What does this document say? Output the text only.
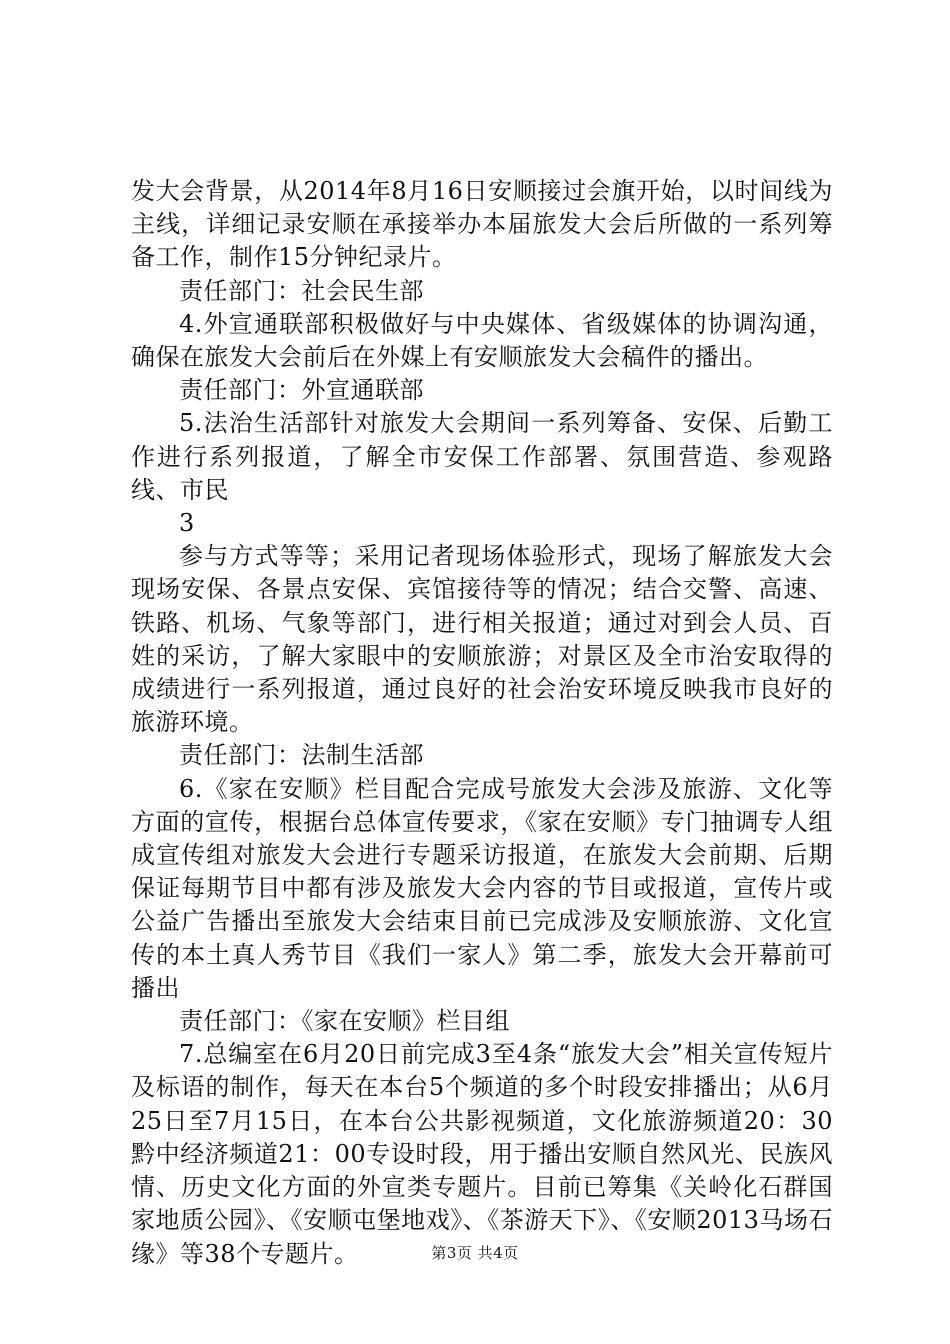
发大会背景，从2014年8月16日安顺接过会旗开始，以时间线为主线，详细记录安顺在承接举办本届旅发大会后所做的一系列筹备工作，制作15分钟纪录片。

责任部门：社会民生部

4.外宣通联部积极做好与中央媒体、省级媒体的协调沟通，确保在旅发大会前后在外媒上有安顺旅发大会稿件的播出。

责任部门：外宣通联部

5.法治生活部针对旅发大会期间一系列筹备、安保、后勤工作进行系列报道，了解全市安保工作部署、氛围营造、参观路线、市民

3

参与方式等等；采用记者现场体验形式，现场了解旅发大会现场安保、各景点安保、宾馆接待等的情况；结合交警、高速、铁路、机场、气象等部门，进行相关报道；通过对到会人员、百姓的采访，了解大家眼中的安顺旅游；对景区及全市治安取得的成绩进行一系列报道，通过良好的社会治安环境反映我市良好的旅游环境。

责任部门：法制生活部

6.《家在安顺》栏目配合完成号旅发大会涉及旅游、文化等方面的宣传，根据台总体宣传要求，《家在安顺》专门抽调专人组成宣传组对旅发大会进行专题采访报道，在旅发大会前期、后期保证每期节目中都有涉及旅发大会内容的节目或报道，宣传片或公益广告播出至旅发大会结束目前已完成涉及安顺旅游、文化宣传的本土真人秀节目《我们一家人》第二季，旅发大会开幕前可播出

责任部门：《家在安顺》栏目组

7.总编室在6月20日前完成3至4条“旅发大会”相关宣传短片及标语的制作，每天在本台5个频道的多个时段安排播出；从6月25日至7月15日，在本台公共影视频道，文化旅游频道20：30黔中经济频道21：00专设时段，用于播出安顺自然风光、民族风情、历史文化方面的外宣类专题片。目前已筹集《关岭化石群国家地质公园》、《安顺屯堡地戏》、《茶游天下》、《安顺2013马场石缘》等38个专题片。	第3页 共4页
